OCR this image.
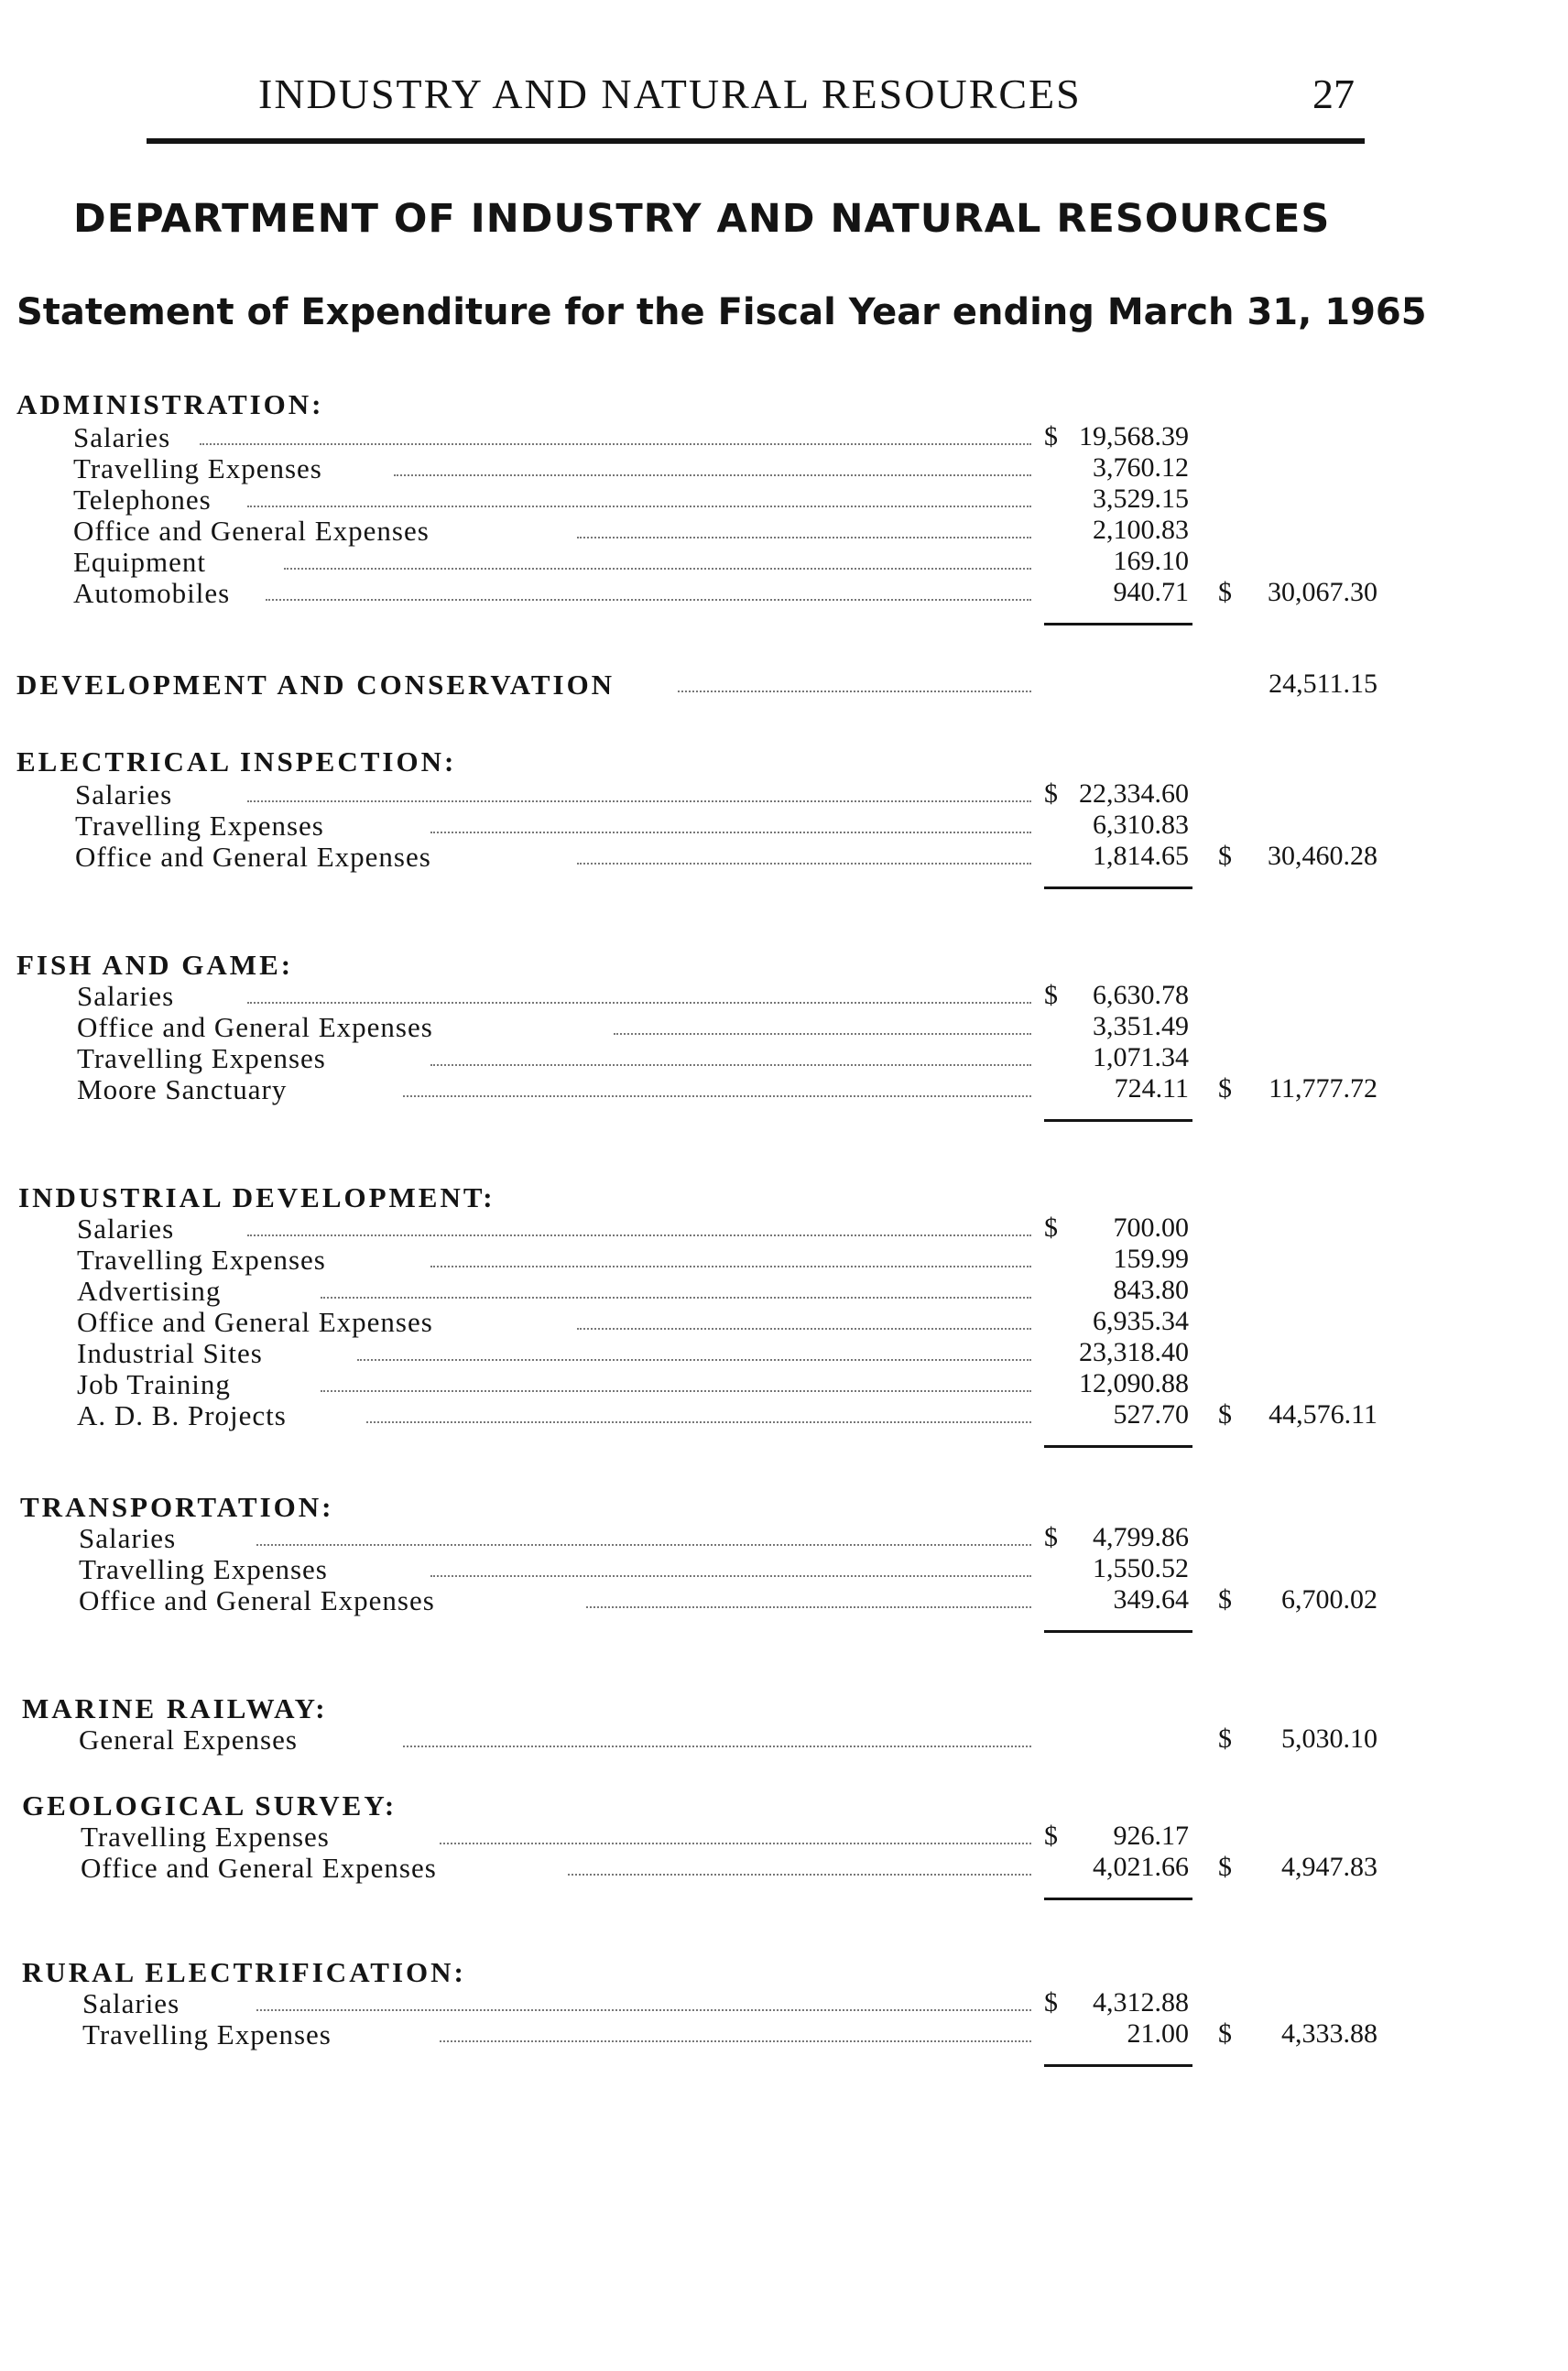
INDUSTRY AND NATURAL RESOURCES	27
DEPARTMENT OF INDUSTRY AND NATURAL RESOURCES
Statement of Expenditure for the Fiscal Year ending March 31, 1965
ADMINISTRATION:
Salaries	$ 19,568.39
Travelling Expenses	3,760.12
Telephones	3,529.15
Office and General Expenses	2,100.83
Equipment	169.10
Automobiles	940.71 $ 30,067.30
DEVELOPMENT AND CONSERVATION	24,511.15
ELECTRICAL INSPECTION:
Salaries	$ 22,334.60
Travelling Expenses	6,310.83
Office and General Expenses	1,814.65 $ 30,460.28
FISH AND GAME:
Salaries	$ 6,630.78
Office and General Expenses	3,351.49
Travelling Expenses	1,071.34
Moore Sanctuary	724.11 $ 11,777.72
INDUSTRIAL DEVELOPMENT:
Salaries	$ 700.00
Travelling Expenses	159.99
Advertising	843.80
Office and General Expenses	6,935.34
Industrial Sites	23,318.40
Job Training	12,090.88
A. D. B. Projects	527.70 $ 44,576.11
TRANSPORTATION:
Salaries	$ 4,799.86
Travelling Expenses	1,550.52
Office and General Expenses	349.64 $ 6,700.02
MARINE RAILWAY:
General Expenses	$ 5,030.10
GEOLOGICAL SURVEY:
Travelling Expenses	$ 926.17
Office and General Expenses	4,021.66 $ 4,947.83
RURAL ELECTRIFICATION:
Salaries	$ 4,312.88
Travelling Expenses	21.00 $ 4,333.88
